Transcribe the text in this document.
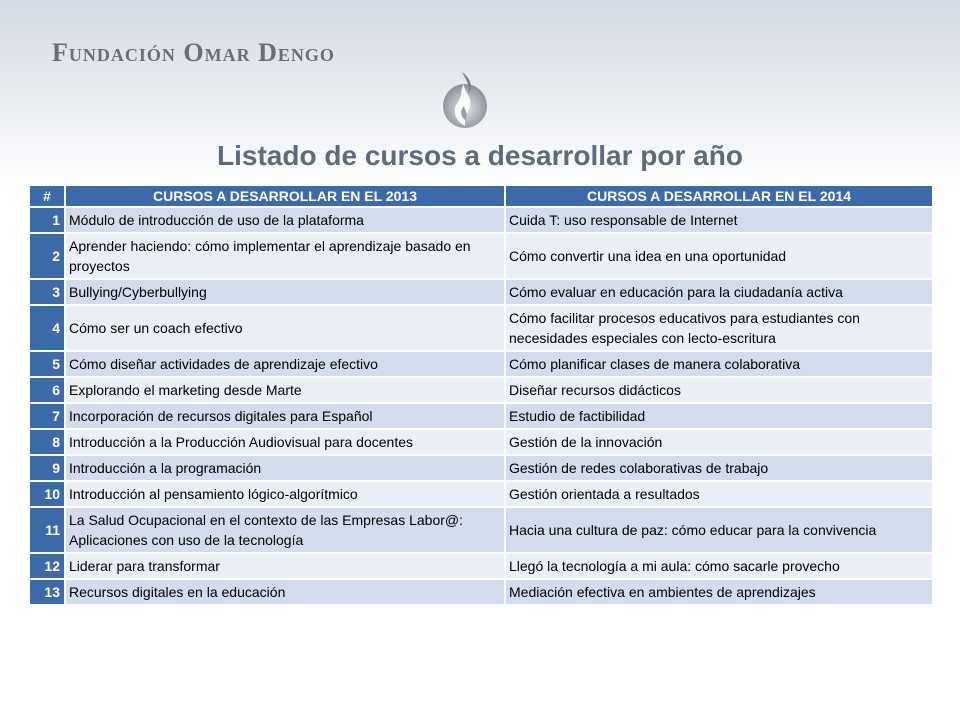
Fundación Omar Dengo
Listado de cursos a desarrollar por año
#	CURSOS A DESARROLLAR EN EL 2013	CURSOS A DESARROLLAR EN EL 2014
1	Módulo de introducción de uso de la plataforma	Cuida T: uso responsable de Internet
2	Aprender haciendo: cómo implementar el aprendizaje basado en proyectos	Cómo convertir una idea en una oportunidad
3	Bullying/Cyberbullying	Cómo evaluar en educación para la ciudadanía activa
4	Cómo ser un coach efectivo	Cómo facilitar procesos educativos para estudiantes con necesidades especiales con lecto-escritura
5	Cómo diseñar actividades de aprendizaje efectivo	Cómo planificar clases de manera colaborativa
6	Explorando el marketing desde Marte	Diseñar recursos didácticos
7	Incorporación de recursos digitales para Español	Estudio de factibilidad
8	Introducción a la Producción Audiovisual para docentes	Gestión de la innovación
9	Introducción a la programación	Gestión de redes colaborativas de trabajo
10	Introducción al pensamiento lógico-algorítmico	Gestión orientada a resultados
11	La Salud Ocupacional en el contexto de las Empresas Labor@: Aplicaciones con uso de la tecnología	Hacia una cultura de paz: cómo educar para la convivencia
12	Liderar para transformar	Llegó la tecnología a mi aula: cómo sacarle provecho
13	Recursos digitales en la educación	Mediación efectiva en ambientes de aprendizajes
